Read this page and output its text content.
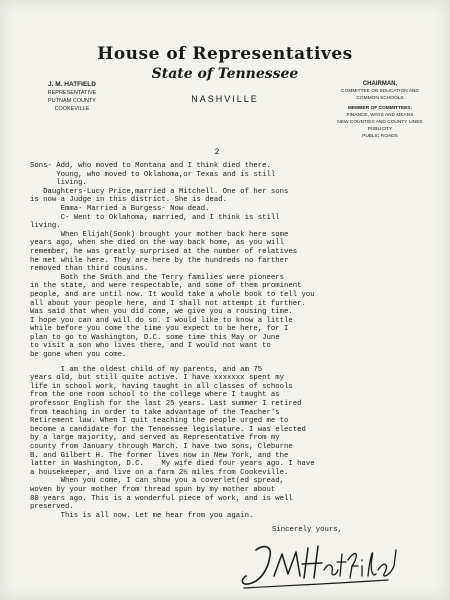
House of Representatives
State of Tennessee
NASHVILLE
J. M. HATFIELD
REPRESENTATIVE
PUTNAM COUNTY
COOKEVILLE
CHAIRMAN,
COMMITTEE ON EDUCATION AND
COMMON SCHOOLS
MEMBER OF COMMITTEES:
FINANCE, WAYS AND MEANS
NEW COUNTIES AND COUNTY LINES
PUBLICITY
PUBLIC ROADS
2
Sons- Add, who moved to Montana and I think died there.
Young, who moved to Oklahoma,or Texas and is still
living.
Daughters-Lucy Price,married a Mitchell. One of her sons
is now a Judge in this district. She is dead.
Emma- Married a Burgess- Now dead.
C- Went to Oklahoma, married, and I think is still
living.
When Elijah(Sonk) brought your mother back here some
years ago, when she died on the way back home, as you will
remember, he was greatly surprised at the number of relatives
he met while here. They are here by the hundreds no farther
removed than third cousins.
Both the Smith and the Terry families were pioneers
in the state, and were respectable, and some of them prominent
people, and are until now. It would take a whole book to tell you
all about your people here, and I shall not attempt it further.
Was said that when you did come, we give you a rousing time.
I hope you can and will do so. I would like to know a little
while before you come the time you expect to be here, for I
plan to go to Washington, D.C. some time this May or June
to visit a son who lives there, and I would not want to
be gone when you come.
I am the oldest child of my parents, and am 75
years old, but still quite active. I have xxxxxxx spent my
life in school work, having taught in all classes of schools
from the one room school to the college where I taught as
professor English for the last 25 years. Last summer I retired
from teaching in order to take advantage of the Teacher's
Retirement law. When I quit teaching the people urged me to
become a candidate for the Tennessee legislature. I was elected
by a large majority, and served as Representative from my
county from January through March. I have two sons, Cleburne
B. and Gilbert H. The former lives now in New York, and the
latter in Washington, D.C.    My wife died four years ago. I have
a housekeeper, and live on a farm 2½ miles from Cookeville.
When you come, I can show you a coverlet(ed spread,
woven by your mother from thread spun by my mother about
80 years ago. This is a wonderful piece of work, and is well
preserved.
This is all now. Let me hear from you again.
Sincerely yours,
